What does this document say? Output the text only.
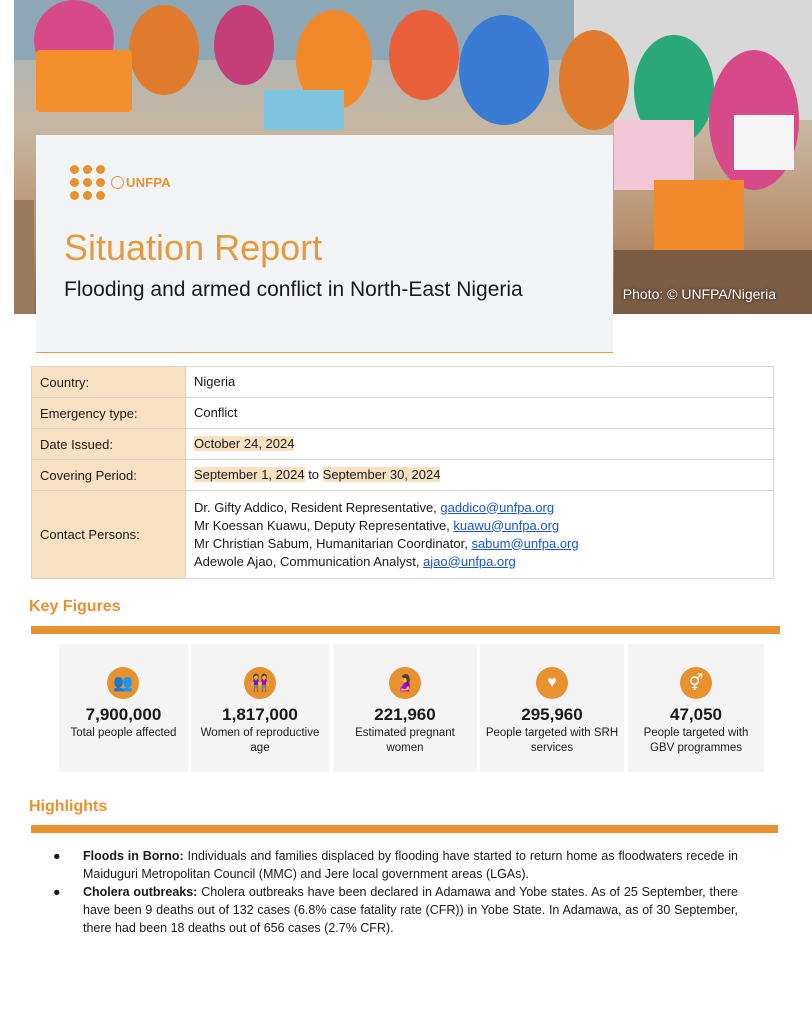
Photo: © UNFPA/Nigeria
UNFPA
Situation Report
Flooding and armed conflict in North-East Nigeria
Country:	Nigeria
Emergency type:	Conflict
Date Issued:	October 24, 2024
Covering Period:	September 1, 2024 to September 30, 2024
Contact Persons:	Dr. Gifty Addico, Resident Representative, gaddico@unfpa.org
Mr Koessan Kuawu, Deputy Representative, kuawu@unfpa.org
Mr Christian Sabum, Humanitarian Coordinator, sabum@unfpa.org
Adewole Ajao, Communication Analyst, ajao@unfpa.org
Key Figures
👥
7,900,000
Total people affected
👭
1,817,000
Women of reproductive age
🤰
221,960
Estimated pregnant women
♥
295,960
People targeted with SRH services
⚥
47,050
People targeted with GBV programmes
Highlights
● Floods in Borno: Individuals and families displaced by flooding have started to return home as floodwaters recede in Maiduguri Metropolitan Council (MMC) and Jere local government areas (LGAs).
● Cholera outbreaks: Cholera outbreaks have been declared in Adamawa and Yobe states. As of 25 September, there have been 9 deaths out of 132 cases (6.8% case fatality rate (CFR)) in Yobe State. In Adamawa, as of 30 September, there had been 18 deaths out of 656 cases (2.7% CFR).
